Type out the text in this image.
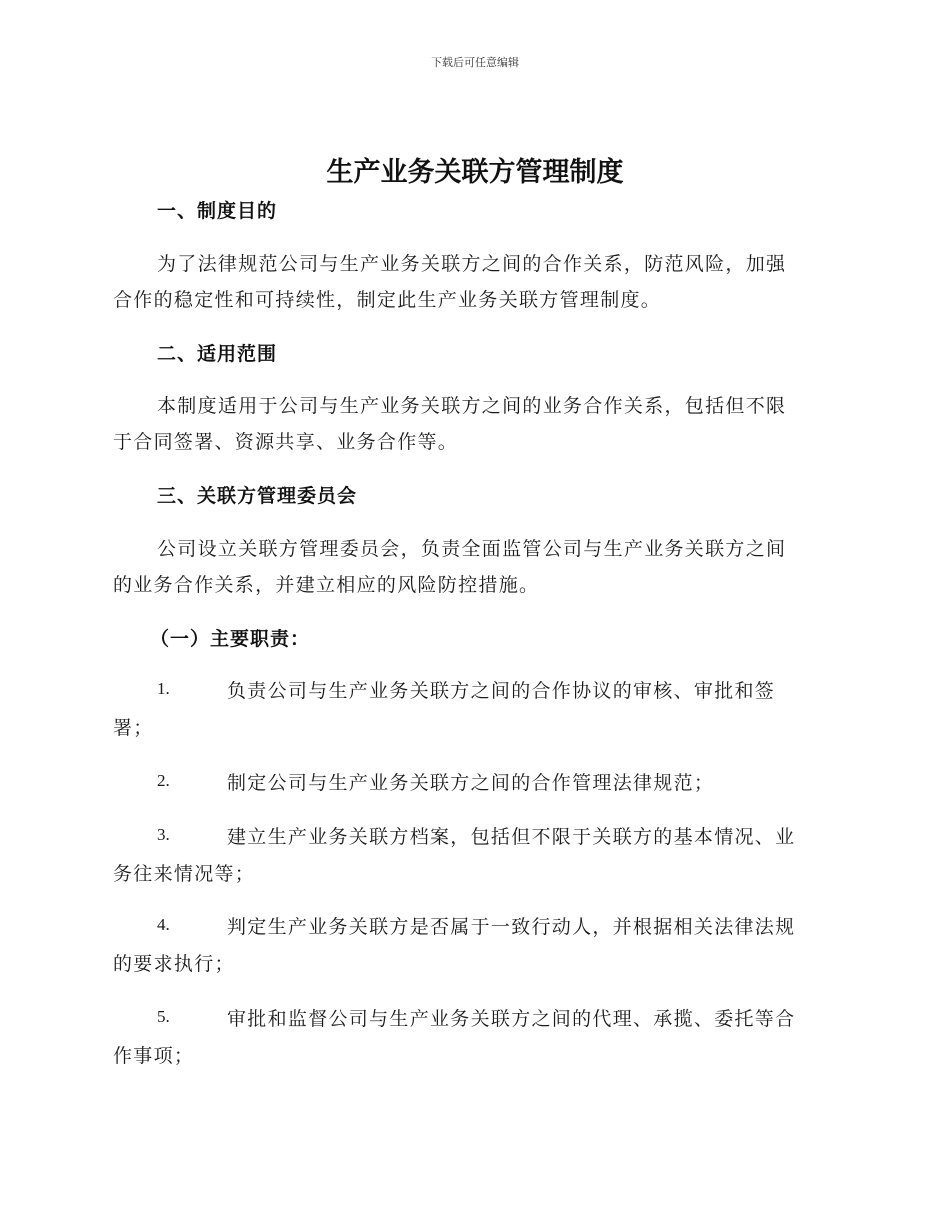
下载后可任意编辑
生产业务关联方管理制度
一、制度目的
为了法律规范公司与生产业务关联方之间的合作关系，防范风险，加强
合作的稳定性和可持续性，制定此生产业务关联方管理制度。
二、适用范围
本制度适用于公司与生产业务关联方之间的业务合作关系，包括但不限
于合同签署、资源共享、业务合作等。
三、关联方管理委员会
公司设立关联方管理委员会，负责全面监管公司与生产业务关联方之间
的业务合作关系，并建立相应的风险防控措施。
（一）主要职责：
1.	负责公司与生产业务关联方之间的合作协议的审核、审批和签
署；
2.	制定公司与生产业务关联方之间的合作管理法律规范；
3.	建立生产业务关联方档案，包括但不限于关联方的基本情况、业
务往来情况等；
4.	判定生产业务关联方是否属于一致行动人，并根据相关法律法规
的要求执行；
5.	审批和监督公司与生产业务关联方之间的代理、承揽、委托等合
作事项；
